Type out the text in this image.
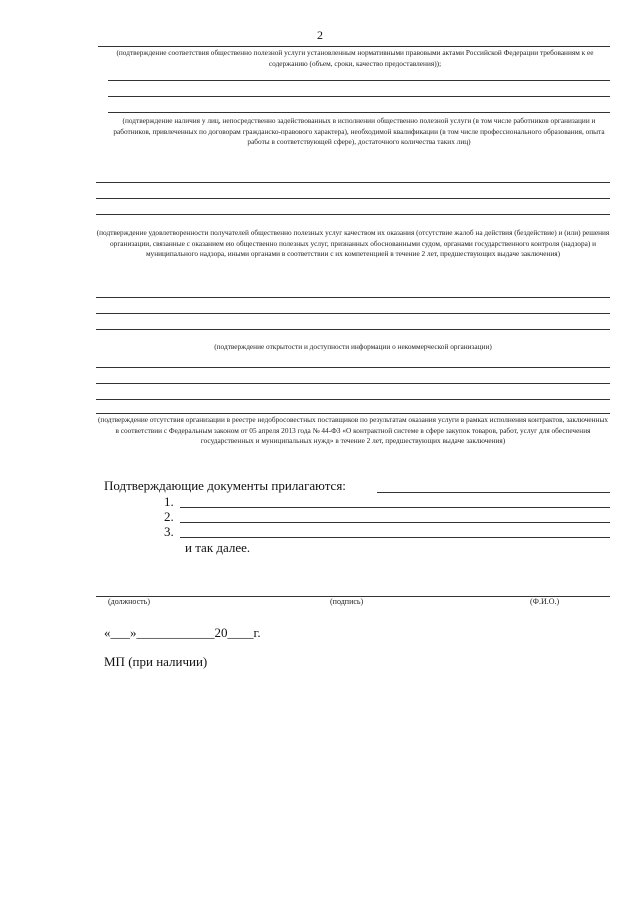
2
(подтверждение соответствия общественно полезной услуги установленным нормативными правовыми актами Российской Федерации требованиям к ее содержанию (объем, сроки, качество предоставления));
(подтверждение наличия у лиц, непосредственно задействованных в исполнении общественно полезной услуги (в том числе работников организации и работников, привлеченных по договорам гражданско-правового характера), необходимой квалификации (в том числе профессионального образования, опыта работы в соответствующей сфере), достаточного количества таких лиц)
(подтверждение удовлетворенности получателей общественно полезных услуг качеством их оказания (отсутствие жалоб на действия (бездействие) и (или) решения организации, связанные с оказанием ею общественно полезных услуг, признанных обоснованными судом, органами государственного контроля (надзора) и муниципального надзора, иными органами в соответствии с их компетенцией в течение 2 лет, предшествующих выдаче заключения)
(подтверждение открытости и доступности информации о некоммерческой организации)
(подтверждение отсутствия организации в реестре недобросовестных поставщиков по результатам оказания услуги в рамках исполнения контрактов, заключенных в соответствии с Федеральным законом от 05 апреля 2013 года № 44-ФЗ «О контрактной системе в сфере закупок товаров, работ, услуг для обеспечения государственных и муниципальных нужд» в течение 2 лет, предшествующих выдаче заключения)
Подтверждающие документы прилагаются:
1.
2.
3.
и так далее.
(должность)	(подпись)	(Ф.И.О.)
«___»____________20____г.
МП (при наличии)
